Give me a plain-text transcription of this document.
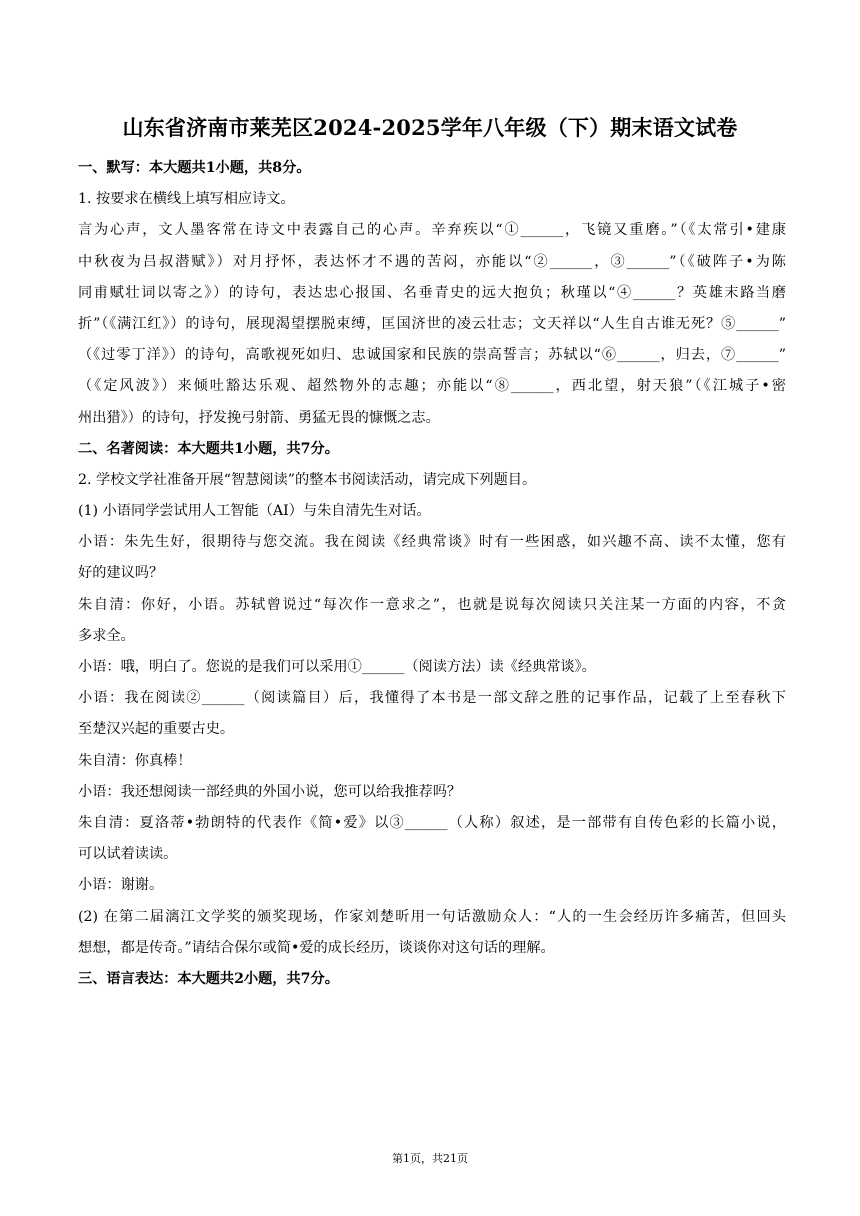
山东省济南市莱芜区2024-2025学年八年级（下）期末语文试卷
一、默写：本大题共1小题，共8分。
1. 按要求在横线上填写相应诗文。
言为心声，文人墨客常在诗文中表露自己的心声。辛弃疾以“①______，飞镜又重磨。”（《太常引•建康
中秋夜为吕叔潜赋》）对月抒怀，表达怀才不遇的苦闷，亦能以“②______，③______”（《破阵子•为陈
同甫赋壮词以寄之》）的诗句，表达忠心报国、名垂青史的远大抱负；秋瑾以“④______？英雄末路当磨
折”（《满江红》）的诗句，展现渴望摆脱束缚，匡国济世的凌云壮志；文天祥以“人生自古谁无死？⑤______”
（《过零丁洋》）的诗句，高歌视死如归、忠诚国家和民族的崇高誓言；苏轼以“⑥______，归去，⑦______”
（《定风波》）来倾吐豁达乐观、超然物外的志趣；亦能以“⑧______，西北望，射天狼”（《江城子•密
州出猎》）的诗句，抒发挽弓射箭、勇猛无畏的慷慨之志。
二、名著阅读：本大题共1小题，共7分。
2. 学校文学社准备开展“智慧阅读”的整本书阅读活动，请完成下列题目。
(1) 小语同学尝试用人工智能（AI）与朱自清先生对话。
小语：朱先生好，很期待与您交流。我在阅读《经典常谈》时有一些困惑，如兴趣不高、读不太懂，您有
好的建议吗？
朱自清：你好，小语。苏轼曾说过“每次作一意求之”，也就是说每次阅读只关注某一方面的内容，不贪
多求全。
小语：哦，明白了。您说的是我们可以采用①______（阅读方法）读《经典常谈》。
小语：我在阅读②______（阅读篇目）后，我懂得了本书是一部文辞之胜的记事作品，记载了上至春秋下
至楚汉兴起的重要古史。
朱自清：你真棒！
小语：我还想阅读一部经典的外国小说，您可以给我推荐吗？
朱自清：夏洛蒂•勃朗特的代表作《简•爱》以③______（人称）叙述，是一部带有自传色彩的长篇小说，
可以试着读读。
小语：谢谢。
(2) 在第二届漓江文学奖的颁奖现场，作家刘楚昕用一句话激励众人：“人的一生会经历许多痛苦，但回头
想想，都是传奇。”请结合保尔或简•爱的成长经历，谈谈你对这句话的理解。
三、语言表达：本大题共2小题，共7分。
第1页，共21页
